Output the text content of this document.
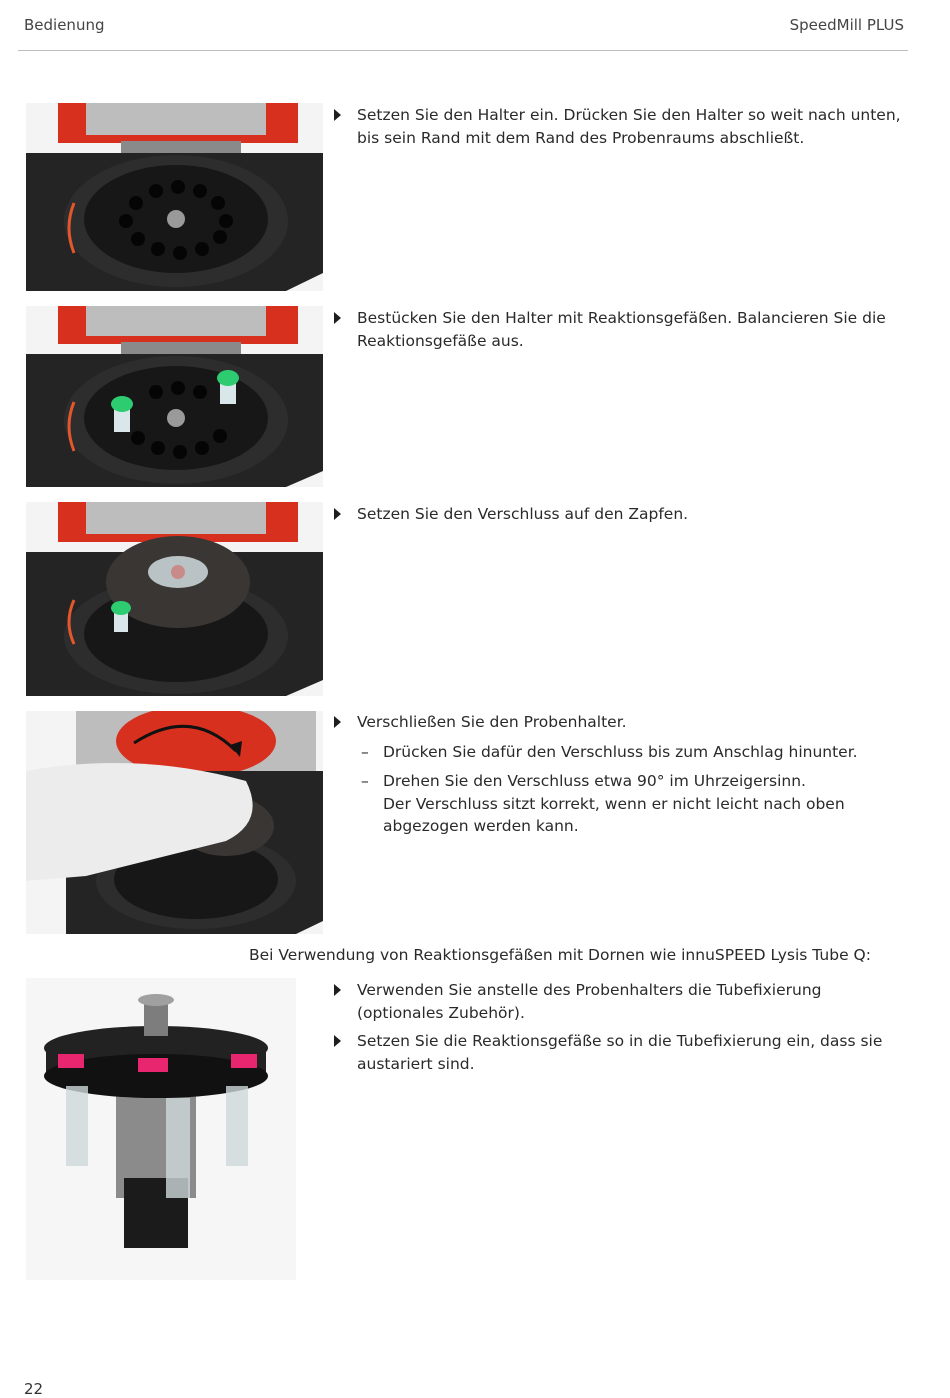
Bedienung	SpeedMill PLUS
Setzen Sie den Halter ein. Drücken Sie den Halter so weit nach unten, bis sein Rand mit dem Rand des Probenraums abschließt.
Bestücken Sie den Halter mit Reaktionsgefäßen. Balancieren Sie die Reaktionsgefäße aus.
Setzen Sie den Verschluss auf den Zapfen.
Verschließen Sie den Probenhalter.
– Drücken Sie dafür den Verschluss bis zum Anschlag hinunter.
– Drehen Sie den Verschluss etwa 90° im Uhrzeigersinn.
Der Verschluss sitzt korrekt, wenn er nicht leicht nach oben abgezogen werden kann.
Bei Verwendung von Reaktionsgefäßen mit Dornen wie innuSPEED Lysis Tube Q:
Verwenden Sie anstelle des Probenhalters die Tubefixierung (optionales Zubehör).
Setzen Sie die Reaktionsgefäße so in die Tubefixierung ein, dass sie austariert sind.
22
